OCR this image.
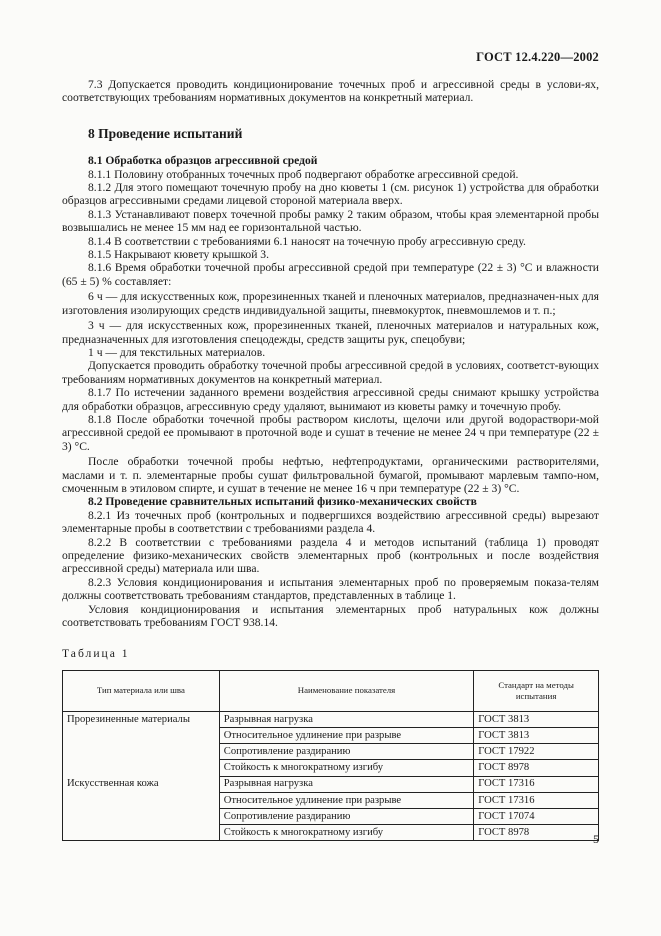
ГОСТ 12.4.220—2002

7.3 Допускается проводить кондиционирование точечных проб и агрессивной среды в услови-ях, соответствующих требованиям нормативных документов на конкретный материал.

8 Проведение испытаний
8.1 Обработка образцов агрессивной средой

8.1.1 Половину отобранных точечных проб подвергают обработке агрессивной средой.

8.1.2 Для этого помещают точечную пробу на дно кюветы 1 (см. рисунок 1) устройства для обработки образцов агрессивными средами лицевой стороной материала вверх.

8.1.3 Устанавливают поверх точечной пробы рамку 2 таким образом, чтобы края элементарной пробы возвышались не менее 15 мм над ее горизонтальной частью.

8.1.4 В соответствии с требованиями 6.1 наносят на точечную пробу агрессивную среду.

8.1.5 Накрывают кювету крышкой 3.

8.1.6 Время обработки точечной пробы агрессивной средой при температуре (22 ± 3) °С и влажности (65 ± 5) % составляет:

6 ч — для искусственных кож, прорезиненных тканей и пленочных материалов, предназначен-ных для изготовления изолирующих средств индивидуальной защиты, пневмокурток, пневмошлемов и т. п.;

3 ч — для искусственных кож, прорезиненных тканей, пленочных материалов и натуральных кож, предназначенных для изготовления спецодежды, средств защиты рук, спецобуви;

1 ч — для текстильных материалов.

Допускается проводить обработку точечной пробы агрессивной средой в условиях, соответст-вующих требованиям нормативных документов на конкретный материал.

8.1.7 По истечении заданного времени воздействия агрессивной среды снимают крышку устройства для обработки образцов, агрессивную среду удаляют, вынимают из кюветы рамку и точечную пробу.

8.1.8 После обработки точечной пробы раствором кислоты, щелочи или другой водораствори-мой агрессивной средой ее промывают в проточной воде и сушат в течение не менее 24 ч при температуре (22 ± 3) °С.

После обработки точечной пробы нефтью, нефтепродуктами, органическими растворителями, маслами и т. п. элементарные пробы сушат фильтровальной бумагой, промывают марлевым тампо-ном, смоченным в этиловом спирте, и сушат в течение не менее 16 ч при температуре (22 ± 3) °С.

8.2 Проведение сравнительных испытаний физико-механических свойств

8.2.1 Из точечных проб (контрольных и подвергшихся воздействию агрессивной среды) вырезают элементарные пробы в соответствии с требованиями раздела 4.

8.2.2 В соответствии с требованиями раздела 4 и методов испытаний (таблица 1) проводят определение физико-механических свойств элементарных проб (контрольных и после воздействия агрессивной среды) материала или шва.

8.2.3 Условия кондиционирования и испытания элементарных проб по проверяемым показа-телям должны соответствовать требованиям стандартов, представленных в таблице 1.

Условия кондиционирования и испытания элементарных проб натуральных кож должны соответствовать требованиям ГОСТ 938.14.

Таблица 1
Тип материала или шва	Наименование показателя	Стандарт на методы испытания
Прорезиненные материалы	Разрывная нагрузка	ГОСТ 3813
	Относительное удлинение при разрыве	ГОСТ 3813
	Сопротивление раздиранию	ГОСТ 17922
	Стойкость к многократному изгибу	ГОСТ 8978
Искусственная кожа	Разрывная нагрузка	ГОСТ 17316
	Относительное удлинение при разрыве	ГОСТ 17316
	Сопротивление раздиранию	ГОСТ 17074
	Стойкость к многократному изгибу	ГОСТ 8978	5
